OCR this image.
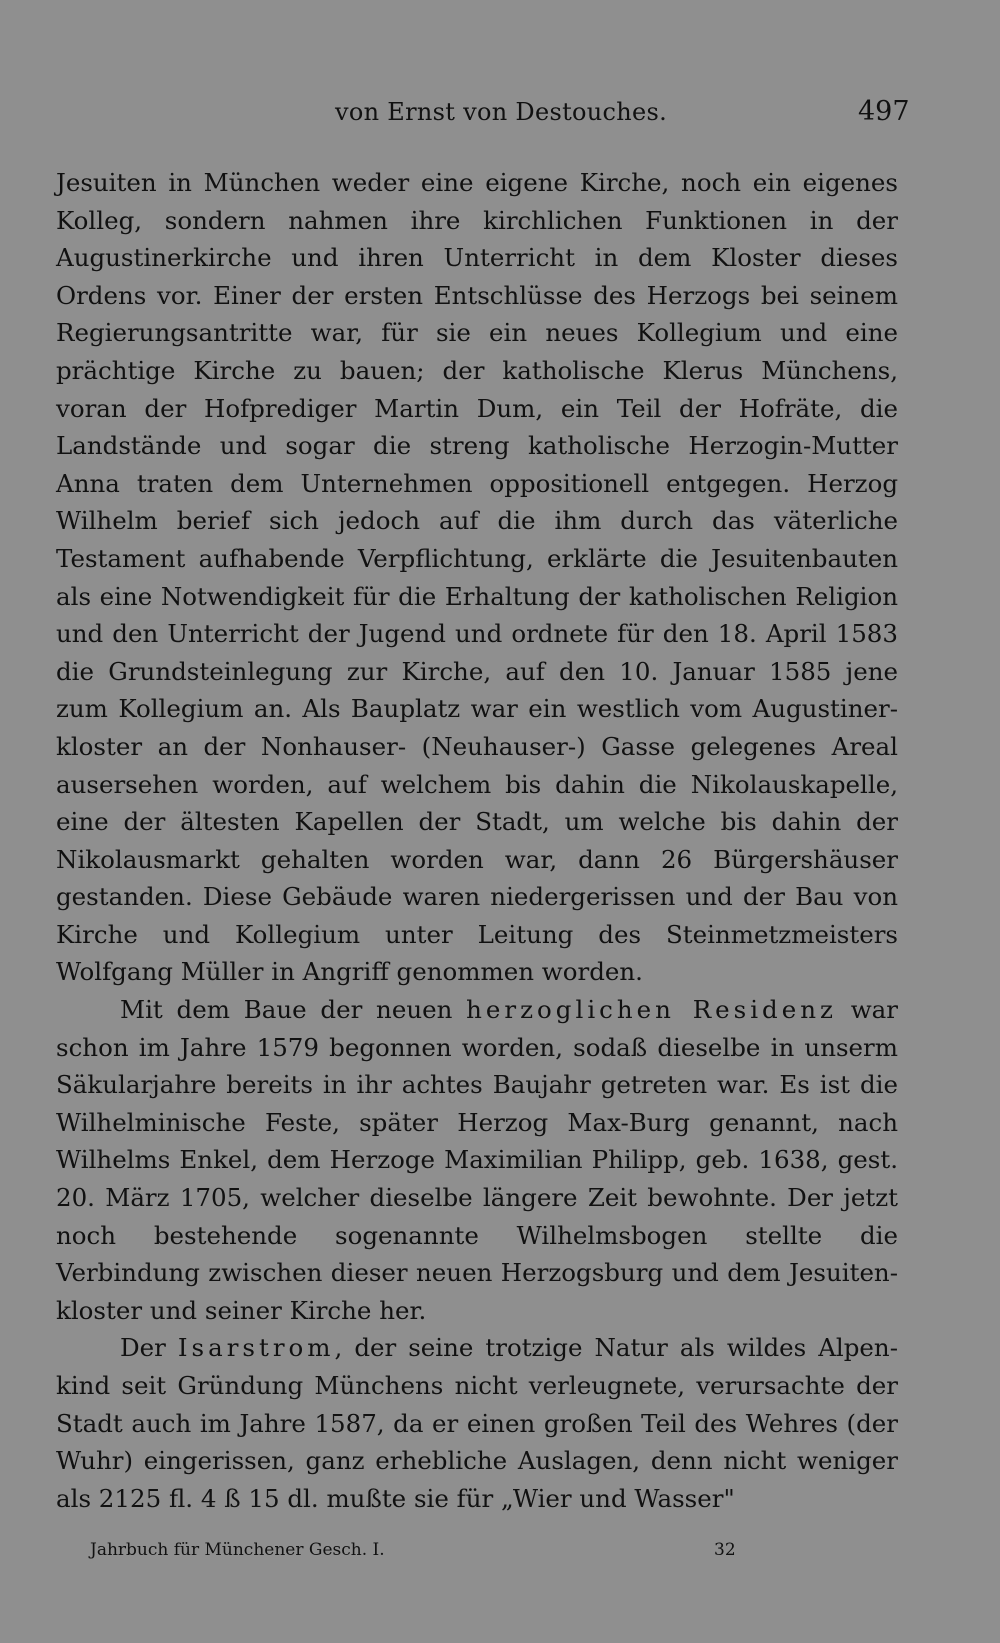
von Ernst von Destouches.	497

Jesuiten in München weder eine eigene Kirche, noch ein eigenes Kolleg, sondern nahmen ihre kirchlichen Funktionen in der Augustinerkirche und ihren Unterricht in dem Kloster dieses Ordens vor. Einer der ersten Entschlüsse des Herzogs bei seinem Regierungsantritte war, für sie ein neues Kollegium und eine prächtige Kirche zu bauen; der katholische Klerus Münchens, voran der Hofprediger Martin Dum, ein Teil der Hofräte, die Landstände und sogar die streng katholische Herzogin-Mutter Anna traten dem Unternehmen oppositionell entgegen. Herzog Wilhelm berief sich jedoch auf die ihm durch das väterliche Testament aufhabende Verpflichtung, erklärte die Jesuitenbauten als eine Notwendigkeit für die Erhaltung der katholischen Religion und den Unterricht der Jugend und ordnete für den 18. April 1583 die Grundsteinlegung zur Kirche, auf den 10. Januar 1585 jene zum Kollegium an. Als Bauplatz war ein westlich vom Augustiner-kloster an der Nonhauser- (Neuhauser-) Gasse gelegenes Areal ausersehen worden, auf welchem bis dahin die Nikolauskapelle, eine der ältesten Kapellen der Stadt, um welche bis dahin der Nikolausmarkt gehalten worden war, dann 26 Bürgershäuser gestanden. Diese Gebäude waren niedergerissen und der Bau von Kirche und Kollegium unter Leitung des Steinmetzmeisters Wolfgang Müller in Angriff genommen worden.

Mit dem Baue der neuen herzoglichen Residenz war schon im Jahre 1579 begonnen worden, sodaß dieselbe in unserm Säkularjahre bereits in ihr achtes Baujahr getreten war. Es ist die Wilhelminische Feste, später Herzog Max-Burg genannt, nach Wilhelms Enkel, dem Herzoge Maximilian Philipp, geb. 1638, gest. 20. März 1705, welcher dieselbe längere Zeit bewohnte. Der jetzt noch bestehende sogenannte Wilhelmsbogen stellte die Verbindung zwischen dieser neuen Herzogsburg und dem Jesuiten-kloster und seiner Kirche her.

Der Isarstrom, der seine trotzige Natur als wildes Alpen-kind seit Gründung Münchens nicht verleugnete, verursachte der Stadt auch im Jahre 1587, da er einen großen Teil des Wehres (der Wuhr) eingerissen, ganz erhebliche Auslagen, denn nicht weniger als 2125 fl. 4 ß 15 dl. mußte sie für „Wier und Wasser"

Jahrbuch für Münchener Gesch. I.	32
